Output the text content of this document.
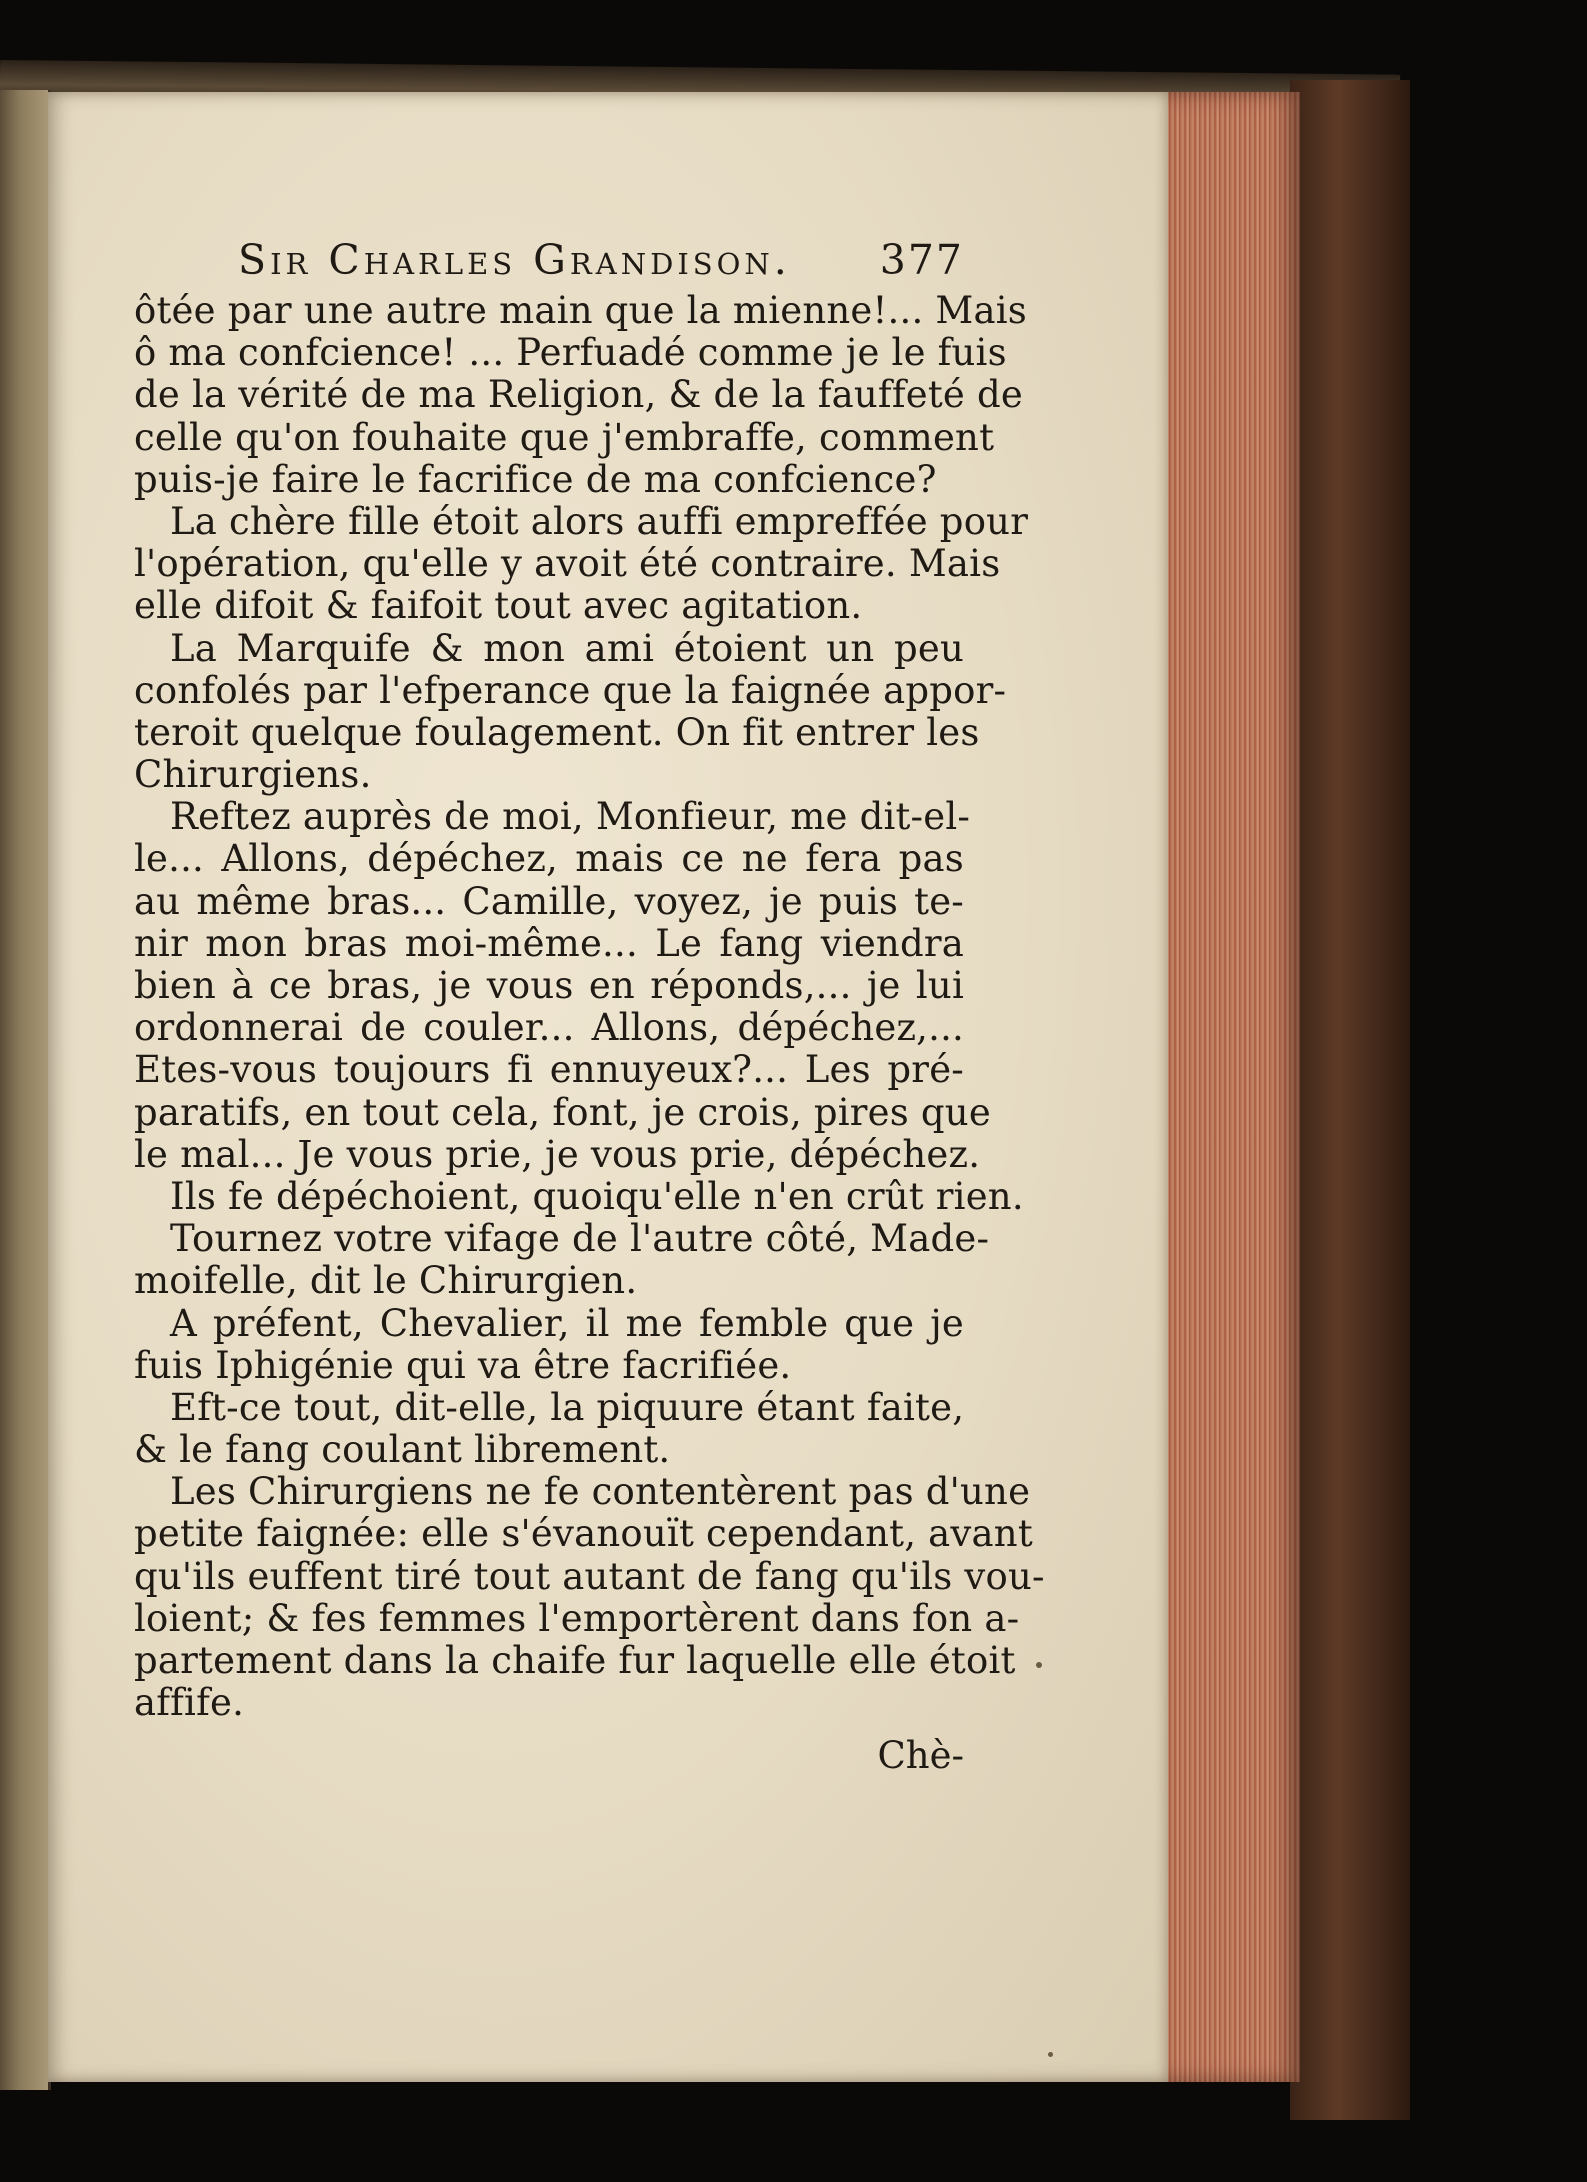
Sir Charles Grandison. 377
ôtée par une autre main que la mienne!... Mais
ô ma confcience! ... Perfuadé comme je le fuis
de la vérité de ma Religion, & de la fauffeté de
celle qu'on fouhaite que j'embraffe, comment
puis-je faire le facrifice de ma confcience?
La chère fille étoit alors auffi empreffée pour
l'opération, qu'elle y avoit été contraire. Mais
elle difoit & faifoit tout avec agitation.
La Marquife & mon ami étoient un peu
confolés par l'efperance que la faignée appor-
teroit quelque foulagement. On fit entrer les
Chirurgiens.
Reftez auprès de moi, Monfieur, me dit-el-
le... Allons, dépéchez, mais ce ne fera pas
au même bras... Camille, voyez, je puis te-
nir mon bras moi-même... Le fang viendra
bien à ce bras, je vous en réponds,... je lui
ordonnerai de couler... Allons, dépéchez,...
Etes-vous toujours fi ennuyeux?... Les pré-
paratifs, en tout cela, font, je crois, pires que
le mal... Je vous prie, je vous prie, dépéchez.
Ils fe dépéchoient, quoiqu'elle n'en crût rien.
Tournez votre vifage de l'autre côté, Made-
moifelle, dit le Chirurgien.
A préfent, Chevalier, il me femble que je
fuis Iphigénie qui va être facrifiée.
Eft-ce tout, dit-elle, la piquure étant faite,
& le fang coulant librement.
Les Chirurgiens ne fe contentèrent pas d'une
petite faignée: elle s'évanouït cependant, avant
qu'ils euffent tiré tout autant de fang qu'ils vou-
loient; & fes femmes l'emportèrent dans fon a-
partement dans la chaife fur laquelle elle étoit
affife.
Chè-
